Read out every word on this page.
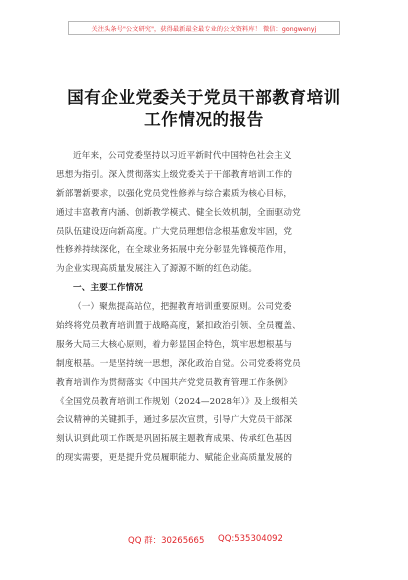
关注头条号"公文研究"，获得最新最全最专业的公文资料库！ 微信：gongwenyj
国有企业党委关于党员干部教育培训
工作情况的报告
近年来，公司党委坚持以习近平新时代中国特色社会主义
思想为指引。深入贯彻落实上级党委关于干部教育培训工作的
新部署新要求，以强化党员党性修养与综合素质为核心目标，
通过丰富教育内涵、创新教学模式、健全长效机制，全面驱动党
员队伍建设迈向新高度。广大党员理想信念根基愈发牢固，党
性修养持续深化，在全球业务拓展中充分彰显先锋模范作用，
为企业实现高质量发展注入了源源不断的红色动能。
一、主要工作情况
（一）聚焦提高站位，把握教育培训重要原则。公司党委
始终将党员教育培训置于战略高度，紧扣政治引领、全员覆盖、
服务大局三大核心原则，着力彰显国企特色，筑牢思想根基与
制度根基。一是坚持统一思想，深化政治自觉。公司党委将党员
教育培训作为贯彻落实《中国共产党党员教育管理工作条例》
《全国党员教育培训工作规划（2024—2028年）》及上级相关
会议精神的关键抓手，通过多层次宣贯，引导广大党员干部深
刻认识到此项工作既是巩固拓展主题教育成果、传承红色基因
的现实需要，更是提升党员履职能力、赋能企业高质量发展的
QQ 群：30265665 QQ:535304092
